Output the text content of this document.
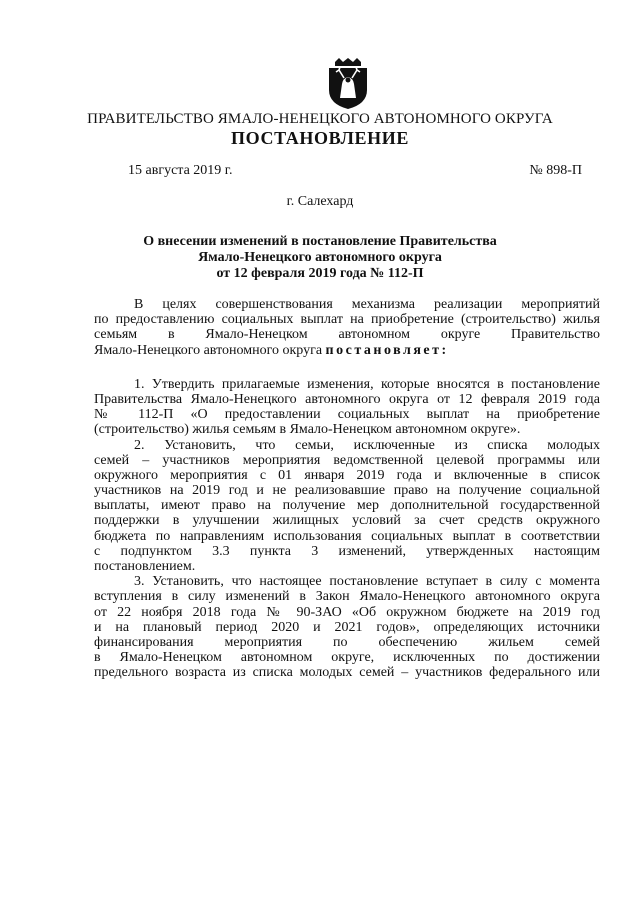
ПРАВИТЕЛЬСТВО ЯМАЛО-НЕНЕЦКОГО АВТОНОМНОГО ОКРУГА
ПОСТАНОВЛЕНИЕ
15 августа 2019 г.	№ 898-П
г. Салехард
О внесении изменений в постановление Правительства
Ямало-Ненецкого автономного округа
от 12 февраля 2019 года № 112-П
В целях совершенствования механизма реализации мероприятий
по предоставлению социальных выплат на приобретение (строительство) жилья
семьям в Ямало-Ненецком автономном округе Правительство
Ямало-Ненецкого автономного округа постановляет:
1. Утвердить прилагаемые изменения, которые вносятся в постановление
Правительства Ямало-Ненецкого автономного округа от 12 февраля 2019 года
№ 112-П «О предоставлении социальных выплат на приобретение
(строительство) жилья семьям в Ямало-Ненецком автономном округе».
2. Установить, что семьи, исключенные из списка молодых
семей – участников мероприятия ведомственной целевой программы или
окружного мероприятия с 01 января 2019 года и включенные в список
участников на 2019 год и не реализовавшие право на получение социальной
выплаты, имеют право на получение мер дополнительной государственной
поддержки в улучшении жилищных условий за счет средств окружного
бюджета по направлениям использования социальных выплат в соответствии
с подпунктом 3.3 пункта 3 изменений, утвержденных настоящим
постановлением.
3. Установить, что настоящее постановление вступает в силу с момента
вступления в силу изменений в Закон Ямало-Ненецкого автономного округа
от 22 ноября 2018 года № 90-ЗАО «Об окружном бюджете на 2019 год
и на плановый период 2020 и 2021 годов», определяющих источники
финансирования мероприятия по обеспечению жильем семей
в Ямало-Ненецком автономном округе, исключенных по достижении
предельного возраста из списка молодых семей – участников федерального или
